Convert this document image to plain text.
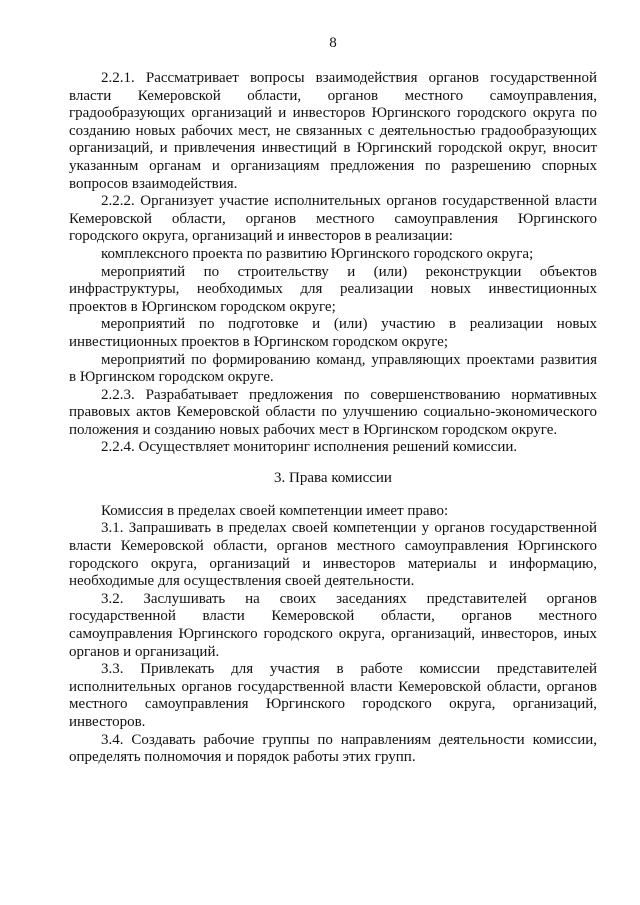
8
2.2.1. Рассматривает вопросы взаимодействия органов государственной
власти Кемеровской области, органов местного самоуправления,
градообразующих организаций и инвесторов Юргинского городского округа по
созданию новых рабочих мест, не связанных с деятельностью градообразующих
организаций, и привлечения инвестиций в Юргинский городской округ, вносит
указанным органам и организациям предложения по разрешению спорных
вопросов взаимодействия.
2.2.2. Организует участие исполнительных органов государственной власти
Кемеровской области, органов местного самоуправления Юргинского
городского округа, организаций и инвесторов в реализации:
комплексного проекта по развитию Юргинского городского округа;
мероприятий по строительству и (или) реконструкции объектов
инфраструктуры, необходимых для реализации новых инвестиционных
проектов в Юргинском городском округе;
мероприятий по подготовке и (или) участию в реализации новых
инвестиционных проектов в Юргинском городском округе;
мероприятий по формированию команд, управляющих проектами развития
в Юргинском городском округе.
2.2.3. Разрабатывает предложения по совершенствованию нормативных
правовых актов Кемеровской области по улучшению социально-экономического
положения и созданию новых рабочих мест в Юргинском городском округе.
2.2.4. Осуществляет мониторинг исполнения решений комиссии.
3. Права комиссии
Комиссия в пределах своей компетенции имеет право:
3.1. Запрашивать в пределах своей компетенции у органов государственной
власти Кемеровской области, органов местного самоуправления Юргинского
городского округа, организаций и инвесторов материалы и информацию,
необходимые для осуществления своей деятельности.
3.2. Заслушивать на своих заседаниях представителей органов
государственной власти Кемеровской области, органов местного
самоуправления Юргинского городского округа, организаций, инвесторов, иных
органов и организаций.
3.3. Привлекать для участия в работе комиссии представителей
исполнительных органов государственной власти Кемеровской области, органов
местного самоуправления Юргинского городского округа, организаций,
инвесторов.
3.4. Создавать рабочие группы по направлениям деятельности комиссии,
определять полномочия и порядок работы этих групп.
